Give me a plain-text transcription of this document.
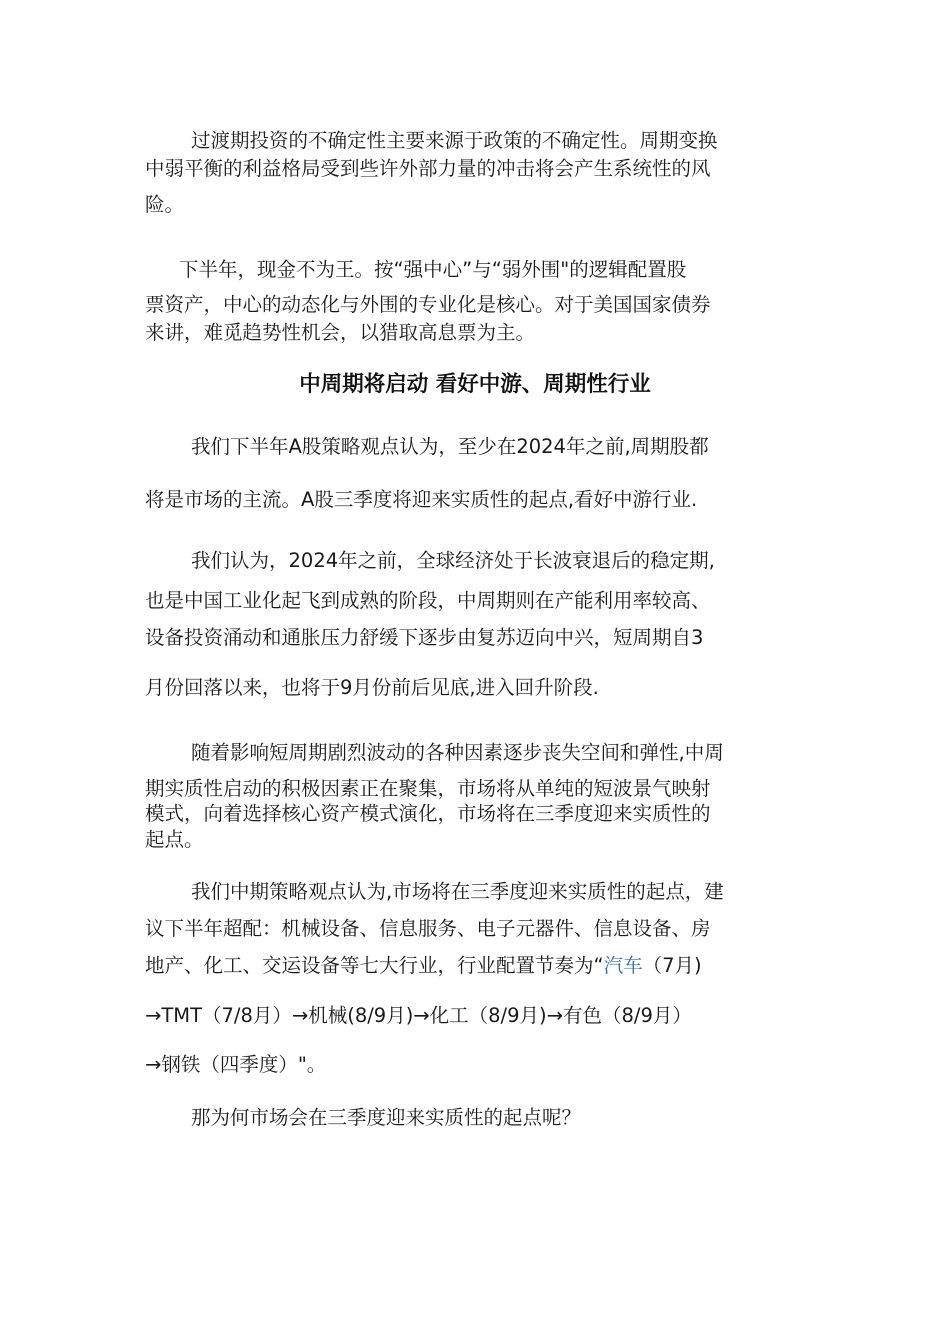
过渡期投资的不确定性主要来源于政策的不确定性。周期变换
中弱平衡的利益格局受到些许外部力量的冲击将会产生系统性的风
险。
下半年，现金不为王。按“强中心”与“弱外围"的逻辑配置股
票资产，中心的动态化与外围的专业化是核心。对于美国国家债券
来讲，难觅趋势性机会，以猎取高息票为主。
中周期将启动 看好中游、周期性行业
我们下半年A股策略观点认为，至少在2024年之前,周期股都
将是市场的主流。A股三季度将迎来实质性的起点,看好中游行业.
我们认为，2024年之前，全球经济处于长波衰退后的稳定期,
也是中国工业化起飞到成熟的阶段，中周期则在产能利用率较高、
设备投资涌动和通胀压力舒缓下逐步由复苏迈向中兴，短周期自3
月份回落以来，也将于9月份前后见底,进入回升阶段.
随着影响短周期剧烈波动的各种因素逐步丧失空间和弹性,中周
期实质性启动的积极因素正在聚集，市场将从单纯的短波景气映射
模式，向着选择核心资产模式演化，市场将在三季度迎来实质性的
起点。
我们中期策略观点认为,市场将在三季度迎来实质性的起点，建
议下半年超配：机械设备、信息服务、电子元器件、信息设备、房
地产、化工、交运设备等七大行业，行业配置节奏为“汽车（7月)
→TMT（7/8月）→机械(8/9月)→化工（8/9月)→有色（8/9月）
→钢铁（四季度）"。
那为何市场会在三季度迎来实质性的起点呢？
